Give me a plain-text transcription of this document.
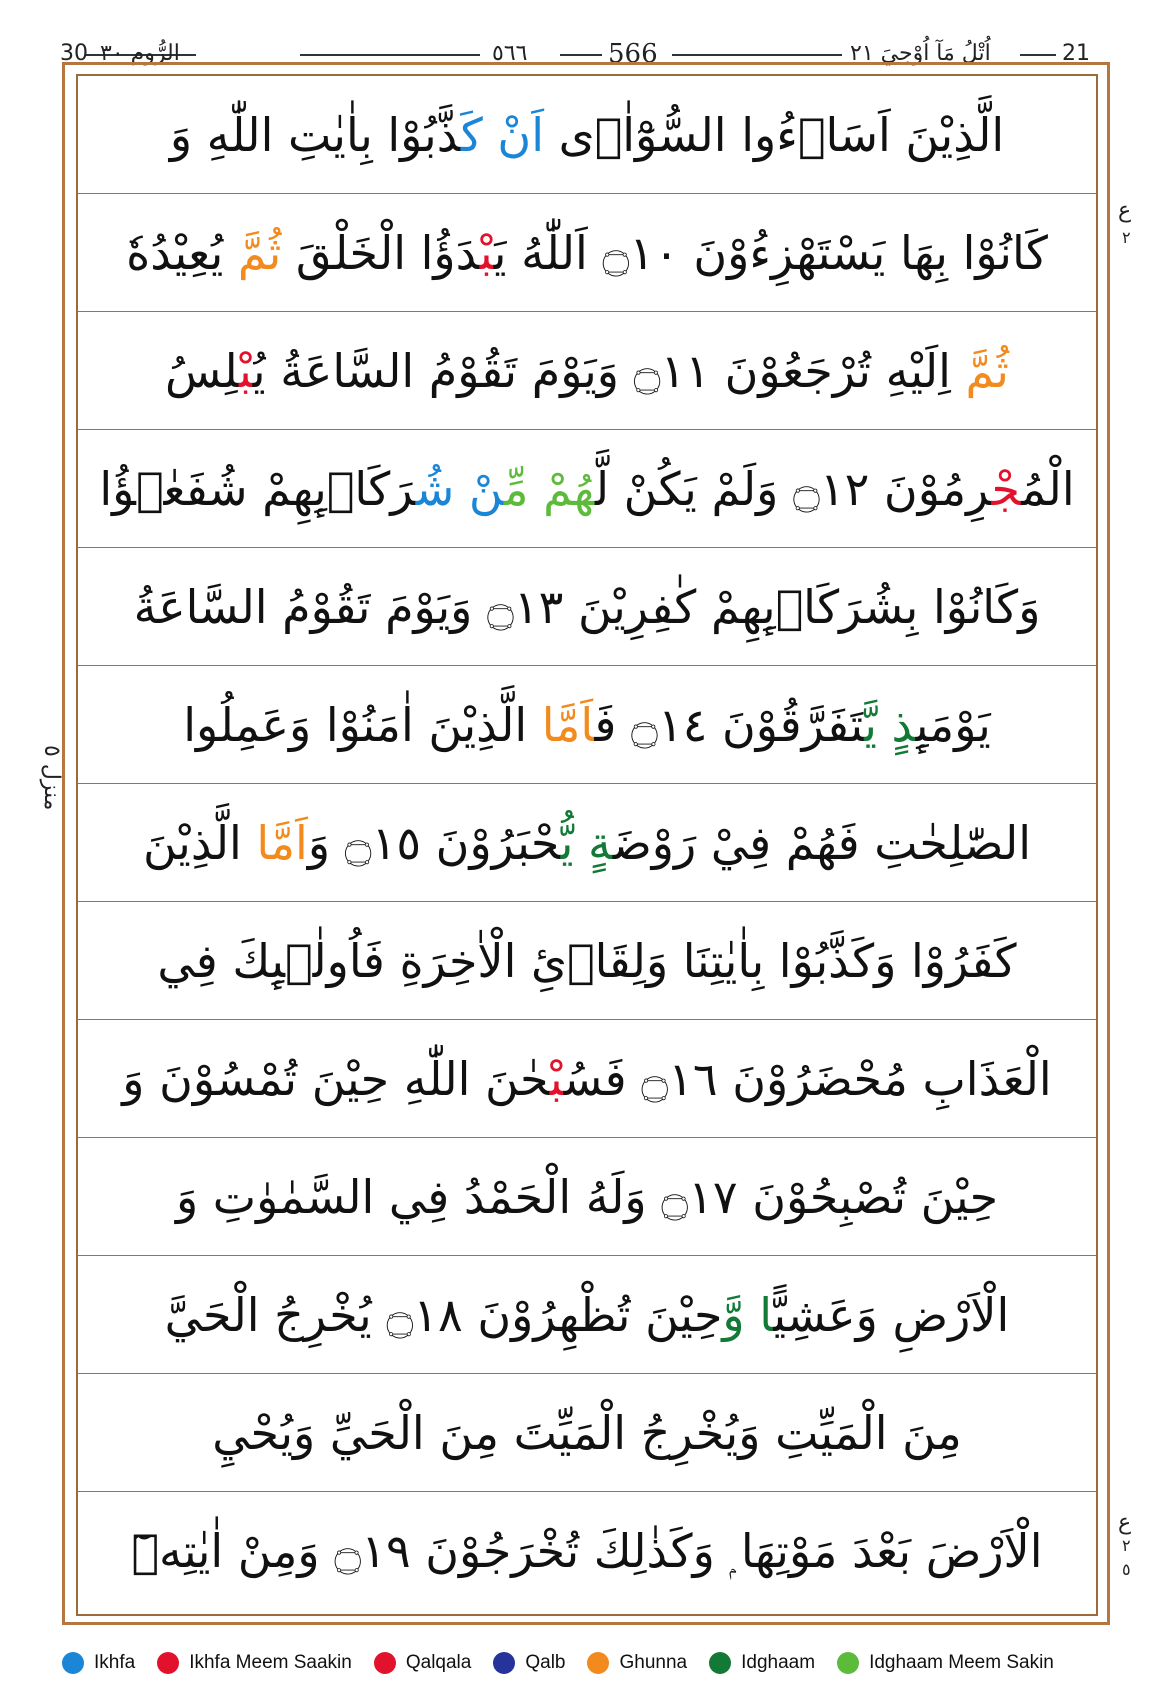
30 الرُّوم ٣٠	٥٦٦	566	اُتْلُ مَآ اُوْحِيَ ٢١	21
الَّذِيْنَ اَسَاۗءُوا السُّوْٓاٰۗى اَنْ كَذَّبُوْا بِاٰيٰتِ اللّٰهِ وَ
كَانُوْا بِهَا يَسْتَهْزِءُوْنَ ۝١٠ اَللّٰهُ يَبْدَؤُا الْخَلْقَ ثُمَّ يُعِيْدُهٗ
ثُمَّ اِلَيْهِ تُرْجَعُوْنَ ۝١١ وَيَوْمَ تَقُوْمُ السَّاعَةُ يُبْلِسُ
الْمُجْرِمُوْنَ ۝١٢ وَلَمْ يَكُنْ لَّهُمْ مِّنْ شُرَكَاۗىِٕهِمْ شُفَعٰۗؤُا
وَكَانُوْا بِشُرَكَاۗىِٕهِمْ كٰفِرِيْنَ ۝١٣ وَيَوْمَ تَقُوْمُ السَّاعَةُ
يَوْمَىِٕذٍ يَّتَفَرَّقُوْنَ ۝١٤ فَاَمَّا الَّذِيْنَ اٰمَنُوْا وَعَمِلُوا
الصّٰلِحٰتِ فَهُمْ فِيْ رَوْضَةٍ يُّحْبَرُوْنَ ۝١٥ وَاَمَّا الَّذِيْنَ
كَفَرُوْا وَكَذَّبُوْا بِاٰيٰتِنَا وَلِقَاۗئِ الْاٰخِرَةِ فَاُولٰۗىِٕكَ فِي
الْعَذَابِ مُحْضَرُوْنَ ۝١٦ فَسُبْحٰنَ اللّٰهِ حِيْنَ تُمْسُوْنَ وَ
حِيْنَ تُصْبِحُوْنَ ۝١٧ وَلَهُ الْحَمْدُ فِي السَّمٰوٰتِ وَ
الْاَرْضِ وَعَشِيًّا وَّحِيْنَ تُظْهِرُوْنَ ۝١٨ يُخْرِجُ الْحَيَّ
مِنَ الْمَيِّتِ وَيُخْرِجُ الْمَيِّتَ مِنَ الْحَيِّ وَيُحْيِ
الْاَرْضَ بَعْدَ مَوْتِهَا ۭ وَكَذٰلِكَ تُخْرَجُوْنَ ۝١٩ وَمِنْ اٰيٰتِهٖٓ
ع
٢
منزل ٥
ع
٢
٥
Ikhfa	Ikhfa Meem Saakin	Qalqala	Qalb	Ghunna	Idghaam	Idghaam Meem Sakin
